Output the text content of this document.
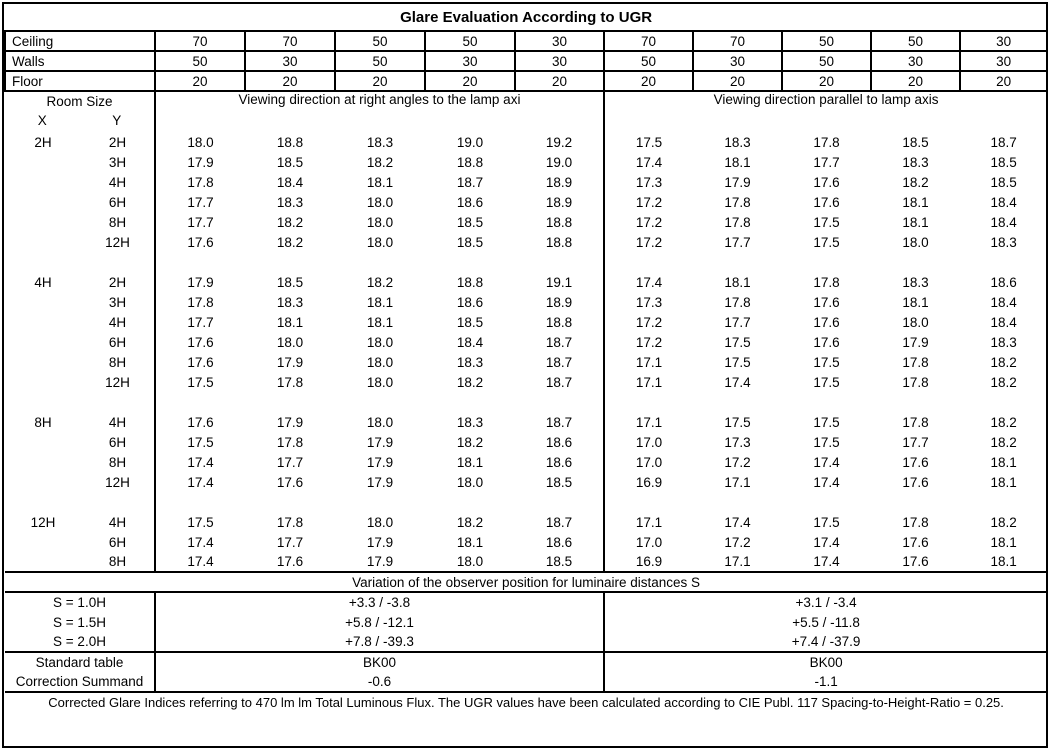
Glare Evaluation According to UGR											
Ceiling		70	70	50	50	30	70	70	50	50	30
Walls		50	30	50	30	30	50	30	50	30	30
Floor		20	20	20	20	20	20	20	20	20	20

Room Size
X Y		Viewing direction at right angles to the lamp axi					Viewing direction parallel to lamp axis				
2H	2H	18.0	18.8	18.3	19.0	19.2	17.5	18.3	17.8	18.5	18.7
	3H	17.9	18.5	18.2	18.8	19.0	17.4	18.1	17.7	18.3	18.5
	4H	17.8	18.4	18.1	18.7	18.9	17.3	17.9	17.6	18.2	18.5
	6H	17.7	18.3	18.0	18.6	18.9	17.2	17.8	17.6	18.1	18.4
	8H	17.7	18.2	18.0	18.5	18.8	17.2	17.8	17.5	18.1	18.4
	12H	17.6	18.2	18.0	18.5	18.8	17.2	17.7	17.5	18.0	18.3

4H	2H	17.9	18.5	18.2	18.8	19.1	17.4	18.1	17.8	18.3	18.6
	3H	17.8	18.3	18.1	18.6	18.9	17.3	17.8	17.6	18.1	18.4
	4H	17.7	18.1	18.1	18.5	18.8	17.2	17.7	17.6	18.0	18.4
	6H	17.6	18.0	18.0	18.4	18.7	17.2	17.5	17.6	17.9	18.3
	8H	17.6	17.9	18.0	18.3	18.7	17.1	17.5	17.5	17.8	18.2
	12H	17.5	17.8	18.0	18.2	18.7	17.1	17.4	17.5	17.8	18.2

8H	4H	17.6	17.9	18.0	18.3	18.7	17.1	17.5	17.5	17.8	18.2
	6H	17.5	17.8	17.9	18.2	18.6	17.0	17.3	17.5	17.7	18.2
	8H	17.4	17.7	17.9	18.1	18.6	17.0	17.2	17.4	17.6	18.1
	12H	17.4	17.6	17.9	18.0	18.5	16.9	17.1	17.4	17.6	18.1

12H	4H	17.5	17.8	18.0	18.2	18.7	17.1	17.4	17.5	17.8	18.2
	6H	17.4	17.7	17.9	18.1	18.6	17.0	17.2	17.4	17.6	18.1
	8H	17.4	17.6	17.9	18.0	18.5	16.9	17.1	17.4	17.6	18.1
Variation of the observer position for luminaire distances S											
S = 1.0H		+3.3 / -3.8					+3.1 / -3.4				
S = 1.5H		+5.8 / -12.1					+5.5 / -11.8				
S = 2.0H		+7.8 / -39.3					+7.4 / -37.9				
Standard table		BK00					BK00				
Correction Summand		-0.6					-1.1				
Corrected Glare Indices referring to 470 lm lm Total Luminous Flux. The UGR values have been calculated according to CIE Publ. 117 Spacing-to-Height-Ratio = 0.25.											
